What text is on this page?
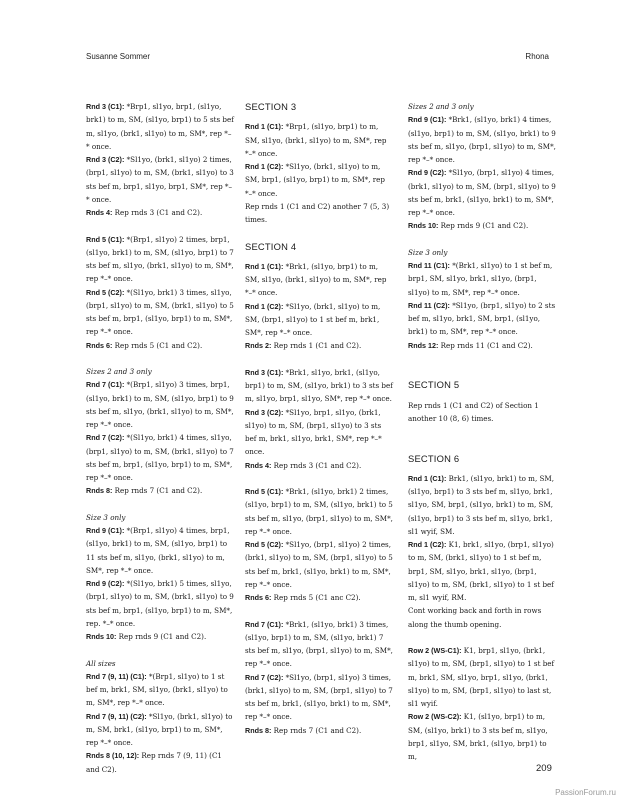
Susanne Sommer	Rhona

Rnd 3 (C1): *Brp1, sl1yo, brp1, (sl1yo, brk1) to m, SM, (sl1yo, brp1) to 5 sts bef m, sl1yo, (brk1, sl1yo) to m, SM*, rep *–* once.

Rnd 3 (C2): *Sl1yo, (brk1, sl1yo) 2 times, (brp1, sl1yo) to m, SM, (brk1, sl1yo) to 3 sts bef m, brp1, sl1yo, brp1, SM*, rep *–* once.

Rnds 4: Rep rnds 3 (C1 and C2).

Rnd 5 (C1): *(Brp1, sl1yo) 2 times, brp1, (sl1yo, brk1) to m, SM, (sl1yo, brp1) to 7 sts bef m, sl1yo, (brk1, sl1yo) to m, SM*, rep *–* once.

Rnd 5 (C2): *(Sl1yo, brk1) 3 times, sl1yo, (brp1, sl1yo) to m, SM, (brk1, sl1yo) to 5 sts bef m, brp1, (sl1yo, brp1) to m, SM*, rep *–* once.

Rnds 6: Rep rnds 5 (C1 and C2).

Sizes 2 and 3 only

Rnd 7 (C1): *(Brp1, sl1yo) 3 times, brp1, (sl1yo, brk1) to m, SM, (sl1yo, brp1) to 9 sts bef m, sl1yo, (brk1, sl1yo) to m, SM*, rep *–* once.

Rnd 7 (C2): *(Sl1yo, brk1) 4 times, sl1yo, (brp1, sl1yo) to m, SM, (brk1, sl1yo) to 7 sts bef m, brp1, (sl1yo, brp1) to m, SM*, rep *–* once.

Rnds 8: Rep rnds 7 (C1 and C2).

Size 3 only

Rnd 9 (C1): *(Brp1, sl1yo) 4 times, brp1, (sl1yo, brk1) to m, SM, (sl1yo, brp1) to 11 sts bef m, sl1yo, (brk1, sl1yo) to m, SM*, rep *–* once.

Rnd 9 (C2): *(Sl1yo, brk1) 5 times, sl1yo, (brp1, sl1yo) to m, SM, (brk1, sl1yo) to 9 sts bef m, brp1, (sl1yo, brp1) to m, SM*, rep. *–* once.

Rnds 10: Rep rnds 9 (C1 and C2).

All sizes

Rnd 7 (9, 11) (C1): *(Brp1, sl1yo) to 1 st bef m, brk1, SM, sl1yo, (brk1, sl1yo) to m, SM*, rep *–* once.

Rnd 7 (9, 11) (C2): *Sl1yo, (brk1, sl1yo) to m, SM, brk1, (sl1yo, brp1) to m, SM*, rep *–* once.

Rnds 8 (10, 12): Rep rnds 7 (9, 11) (C1 and C2).

SECTION 3

Rnd 1 (C1): *Brp1, (sl1yo, brp1) to m, SM, sl1yo, (brk1, sl1yo) to m, SM*, rep *–* once.

Rnd 1 (C2): *Sl1yo, (brk1, sl1yo) to m, SM, brp1, (sl1yo, brp1) to m, SM*, rep *–* once.

Rep rnds 1 (C1 and C2) another 7 (5, 3) times.

SECTION 4

Rnd 1 (C1): *Brk1, (sl1yo, brp1) to m, SM, sl1yo, (brk1, sl1yo) to m, SM*, rep *–* once.

Rnd 1 (C2): *Sl1yo, (brk1, sl1yo) to m, SM, (brp1, sl1yo) to 1 st bef m, brk1, SM*, rep *–* once.

Rnds 2: Rep rnds 1 (C1 and C2).

Rnd 3 (C1): *Brk1, sl1yo, brk1, (sl1yo, brp1) to m, SM, (sl1yo, brk1) to 3 sts bef m, sl1yo, brp1, sl1yo, SM*, rep *–* once.

Rnd 3 (C2): *Sl1yo, brp1, sl1yo, (brk1, sl1yo) to m, SM, (brp1, sl1yo) to 3 sts bef m, brk1, sl1yo, brk1, SM*, rep *–* once.

Rnds 4: Rep rnds 3 (C1 and C2).

Rnd 5 (C1): *Brk1, (sl1yo, brk1) 2 times, (sl1yo, brp1) to m, SM, (sl1yo, brk1) to 5 sts bef m, sl1yo, (brp1, sl1yo) to m, SM*, rep *–* once.

Rnd 5 (C2): *Sl1yo, (brp1, sl1yo) 2 times, (brk1, sl1yo) to m, SM, (brp1, sl1yo) to 5 sts bef m, brk1, (sl1yo, brk1) to m, SM*, rep *–* once.

Rnds 6: Rep rnds 5 (C1 anc C2).

Rnd 7 (C1): *Brk1, (sl1yo, brk1) 3 times, (sl1yo, brp1) to m, SM, (sl1yo, brk1) 7 sts bef m, sl1yo, (brp1, sl1yo) to m, SM*, rep *–* once.

Rnd 7 (C2): *Sl1yo, (brp1, sl1yo) 3 times, (brk1, sl1yo) to m, SM, (brp1, sl1yo) to 7 sts bef m, brk1, (sl1yo, brk1) to m, SM*, rep *–* once.

Rnds 8: Rep rnds 7 (C1 and C2).

Sizes 2 and 3 only

Rnd 9 (C1): *Brk1, (sl1yo, brk1) 4 times, (sl1yo, brp1) to m, SM, (sl1yo, brk1) to 9 sts bef m, sl1yo, (brp1, sl1yo) to m, SM*, rep *–* once.

Rnd 9 (C2): *Sl1yo, (brp1, sl1yo) 4 times, (brk1, sl1yo) to m, SM, (brp1, sl1yo) to 9 sts bef m, brk1, (sl1yo, brk1) to m, SM*, rep *–* once.

Rnds 10: Rep rnds 9 (C1 and C2).

Size 3 only

Rnd 11 (C1): *(Brk1, sl1yo) to 1 st bef m, brp1, SM, sl1yo, brk1, sl1yo, (brp1, sl1yo) to m, SM*, rep *–* once.

Rnd 11 (C2): *Sl1yo, (brp1, sl1yo) to 2 sts bef m, sl1yo, brk1, SM, brp1, (sl1yo, brk1) to m, SM*, rep *–* once.

Rnds 12: Rep rnds 11 (C1 and C2).

SECTION 5

Rep rnds 1 (C1 and C2) of Section 1 another 10 (8, 6) times.

SECTION 6

Rnd 1 (C1): Brk1, (sl1yo, brk1) to m, SM, (sl1yo, brp1) to 3 sts bef m, sl1yo, brk1, sl1yo, SM, brp1, (sl1yo, brk1) to m, SM, (sl1yo, brp1) to 3 sts bef m, sl1yo, brk1, sl1 wyif, SM.

Rnd 1 (C2): K1, brk1, sl1yo, (brp1, sl1yo) to m, SM, (brk1, sl1yo) to 1 st bef m, brp1, SM, sl1yo, brk1, sl1yo, (brp1, sl1yo) to m, SM, (brk1, sl1yo) to 1 st bef m, sl1 wyif, RM.

Cont working back and forth in rows along the thumb opening.

Row 2 (WS-C1): K1, brp1, sl1yo, (brk1, sl1yo) to m, SM, (brp1, sl1yo) to 1 st bef m, brk1, SM, sl1yo, brp1, sl1yo, (brk1, sl1yo) to m, SM, (brp1, sl1yo) to last st, sl1 wyif.

Row 2 (WS-C2): K1, (sl1yo, brp1) to m, SM, (sl1yo, brk1) to 3 sts bef m, sl1yo, brp1, sl1yo, SM, brk1, (sl1yo, brp1) to m,

209
PassionForum.ru
